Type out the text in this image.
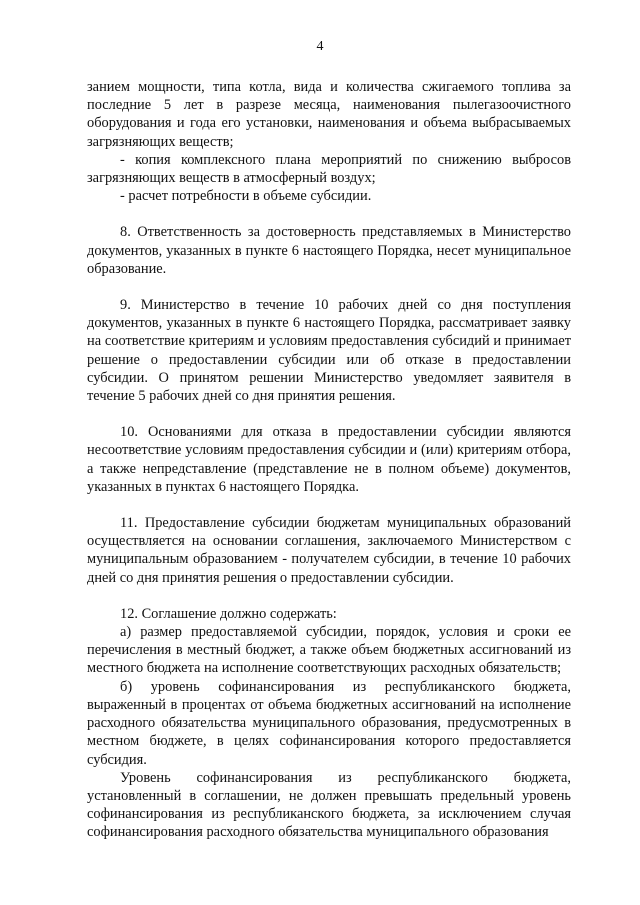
4

занием мощности, типа котла, вида и количества сжигаемого топлива за последние 5 лет в разрезе месяца, наименования пылегазоочистного оборудования и года его установки, наименования и объема выбрасываемых загрязняющих веществ;

- копия комплексного плана мероприятий по снижению выбросов загрязняющих веществ в атмосферный воздух;

- расчет потребности в объеме субсидии.

8. Ответственность за достоверность представляемых в Министерство документов, указанных в пункте 6 настоящего Порядка, несет муниципальное образование.

9. Министерство в течение 10 рабочих дней со дня поступления документов, указанных в пункте 6 настоящего Порядка, рассматривает заявку на соответствие критериям и условиям предоставления субсидий и принимает решение о предоставлении субсидии или об отказе в предоставлении субсидии. О принятом решении Министерство уведомляет заявителя в течение 5 рабочих дней со дня принятия решения.

10. Основаниями для отказа в предоставлении субсидии являются несоответствие условиям предоставления субсидии и (или) критериям отбора, а также непредставление (представление не в полном объеме) документов, указанных в пунктах 6 настоящего Порядка.

11. Предоставление субсидии бюджетам муниципальных образований осуществляется на основании соглашения, заключаемого Министерством с муниципальным образованием - получателем субсидии, в течение 10 рабочих дней со дня принятия решения о предоставлении субсидии.

12. Соглашение должно содержать:

а) размер предоставляемой субсидии, порядок, условия и сроки ее перечисления в местный бюджет, а также объем бюджетных ассигнований из местного бюджета на исполнение соответствующих расходных обязательств;

б) уровень софинансирования из республиканского бюджета, выраженный в процентах от объема бюджетных ассигнований на исполнение расходного обязательства муниципального образования, предусмотренных в местном бюджете, в целях софинансирования которого предоставляется субсидия.

Уровень софинансирования из республиканского бюджета, установленный в соглашении, не должен превышать предельный уровень софинансирования из республиканского бюджета, за исключением случая софинансирования расходного обязательства муниципального образования
